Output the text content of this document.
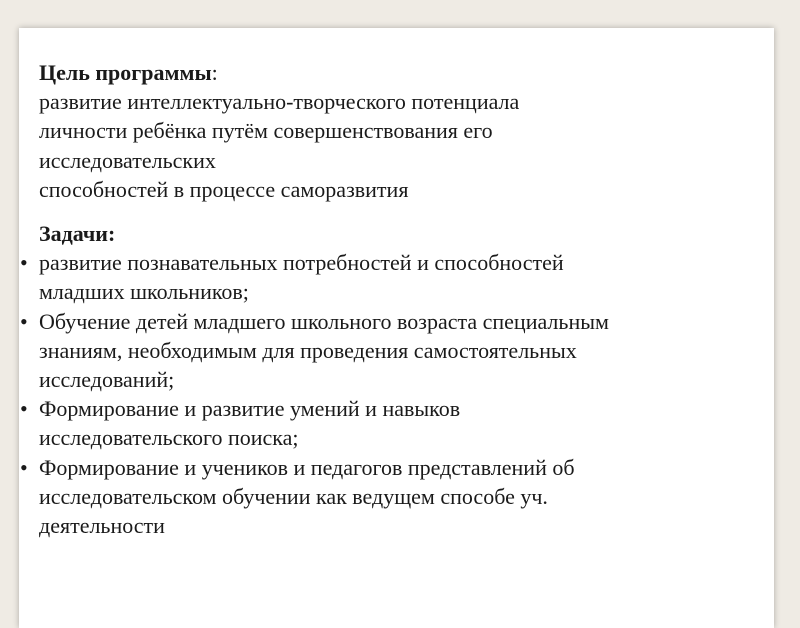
Цель программы:
развитие интеллектуально-творческого потенциала
личности ребёнка путём совершенствования его
исследовательских
способностей в процессе саморазвития
Задачи:
• развитие познавательных потребностей и способностей
младших школьников;
• Обучение детей младшего школьного возраста специальным
знаниям, необходимым для проведения самостоятельных
исследований;
• Формирование и развитие умений и навыков
исследовательского поиска;
• Формирование и учеников и педагогов представлений об
исследовательском обучении как ведущем способе уч.
деятельности
